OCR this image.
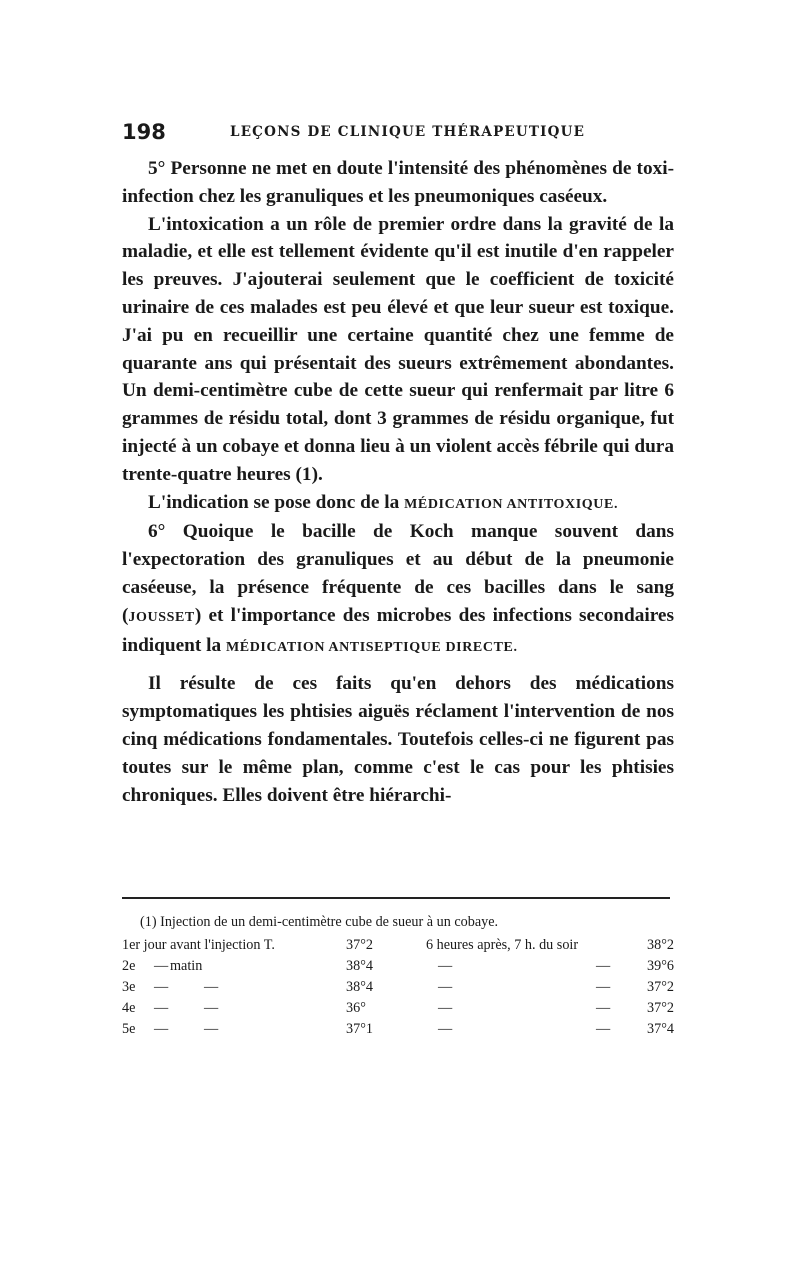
198	LEÇONS DE CLINIQUE THÉRAPEUTIQUE

5° Personne ne met en doute l'intensité des phénomènes de toxi-infection chez les granuliques et les pneumoniques caséeux.

L'intoxication a un rôle de premier ordre dans la gravité de la maladie, et elle est tellement évidente qu'il est inutile d'en rappeler les preuves. J'ajouterai seulement que le coefficient de toxicité urinaire de ces malades est peu élevé et que leur sueur est toxique. J'ai pu en recueillir une certaine quantité chez une femme de quarante ans qui présentait des sueurs extrêmement abondantes. Un demi-centimètre cube de cette sueur qui renfermait par litre 6 grammes de résidu total, dont 3 grammes de résidu organique, fut injecté à un cobaye et donna lieu à un violent accès fébrile qui dura trente-quatre heures (1).

L'indication se pose donc de la MÉDICATION ANTITOXIQUE.

6° Quoique le bacille de Koch manque souvent dans l'expectoration des granuliques et au début de la pneumonie caséeuse, la présence fréquente de ces bacilles dans le sang (JOUSSET) et l'importance des microbes des infections secondaires indiquent la MÉDICATION ANTISEPTIQUE DIRECTE.

Il résulte de ces faits qu'en dehors des médications symptomatiques les phtisies aiguës réclament l'intervention de nos cinq médications fondamentales. Toutefois celles-ci ne figurent pas toutes sur le même plan, comme c'est le cas pour les phtisies chroniques. Elles doivent être hiérarchi-

(1) Injection de un demi-centimètre cube de sueur à un cobaye.
1er jour avant l'injection T.	37°2	6 heures après, 7 h. du soir	38°2
2e — matin	38°4	—	—	39°6
3e —	—	38°4	—	—	37°2
4e —	—	36°	—	—	37°2
5e —	—	37°1	—	—	37°4
